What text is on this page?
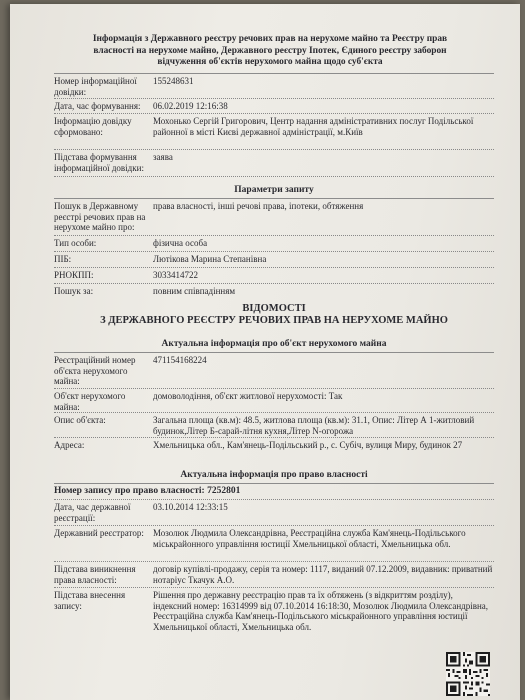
Інформація з Державного реєстру речових прав на нерухоме майно та Реєстру прав
власності на нерухоме майно, Державного реєстру Іпотек, Єдиного реєстру заборон
відчуження об'єктів нерухомого майна щодо суб'єкта
Номер інформаційної довідки:
155248631
Дата, час формування:	06.02.2019 12:16:38
Інформацію довідку сформовано:
Мохонько Сергій Григорович, Центр надання адміністративних послуг Подільської районної в місті Києві державної адміністрації, м.Київ
Підстава формування інформаційної довідки:
заява
Параметри запиту
Пошук в Державному реєстрі речових прав на нерухоме майно про:
права власності, інші речові права, іпотеки, обтяження
Тип особи:	фізична особа
ПІБ:	Лютікова Марина Степанівна
РНОКПП:	3033414722
Пошук за:	повним співпадінням
ВІДОМОСТІ
З ДЕРЖАВНОГО РЕЄСТРУ РЕЧОВИХ ПРАВ НА НЕРУХОМЕ МАЙНО
Актуальна інформація про об'єкт нерухомого майна
Реєстраційний номер об'єкта нерухомого майна:
471154168224
Об'єкт нерухомого майна:
домоволодіння, об'єкт житлової нерухомості: Так
Опис об'єкта:	Загальна площа (кв.м): 48.5, житлова площа (кв.м): 31.1, Опис: Літер А 1-житловий будинок,Літер Б-сарай-літня кухня,Літер N-огорожа
Адреса:	Хмельницька обл., Кам'янець-Подільський р., с. Субіч, вулиця Миру, будинок 27
Актуальна інформація про право власності
Номер запису про право власності: 7252801
Дата, час державної реєстрації:
03.10.2014 12:33:15
Державний реєстратор:	Мозолюк Людмила Олександрівна, Реєстраційна служба Кам'янець-Подільського міськрайонного управління юстиції Хмельницької області, Хмельницька обл.
Підстава виникнення права власності:
договір купівлі-продажу, серія та номер: 1117, виданий 07.12.2009, видавник: приватний нотаріус Ткачук А.О.
Підстава внесення запису:
Рішення про державну реєстрацію прав та їх обтяжень (з відкриттям розділу), індексний номер: 16314999 від 07.10.2014 16:18:30, Мозолюк Людмила Олександрівна, Реєстраційна служба Кам'янець-Подільського міськрайонного управління юстиції Хмельницької області, Хмельницька обл.
